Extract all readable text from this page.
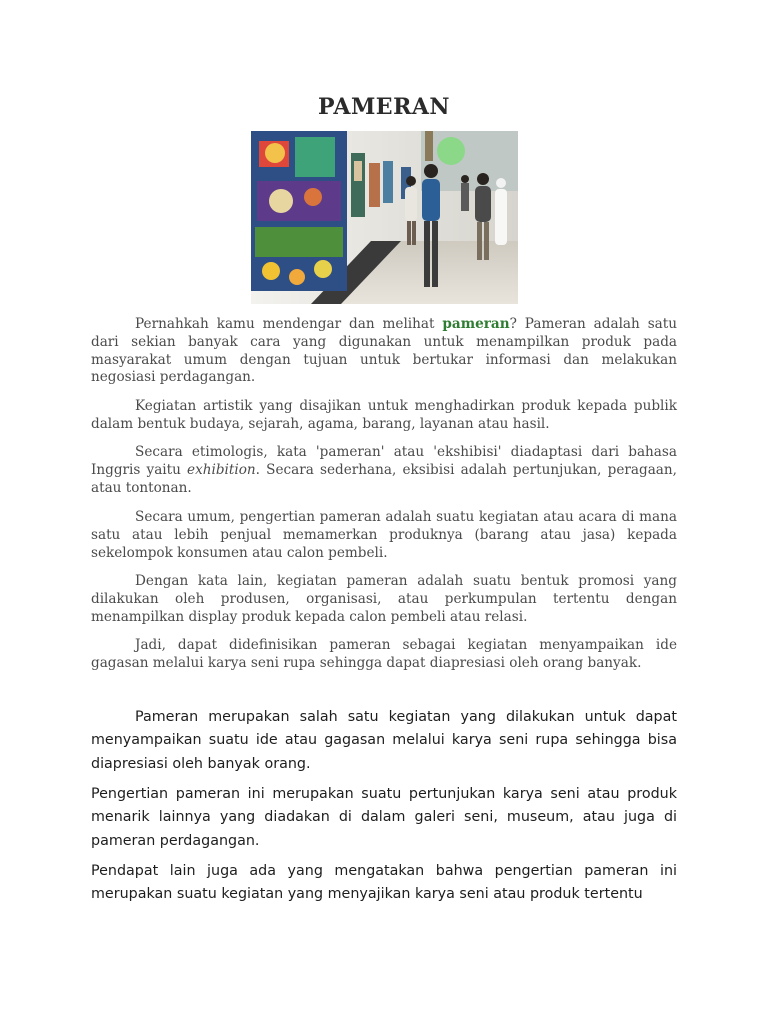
PAMERAN

Pernahkah kamu mendengar dan melihat pameran? Pameran adalah satu dari sekian banyak cara yang digunakan untuk menampilkan produk pada masyarakat umum dengan tujuan untuk bertukar informasi dan melakukan negosiasi perdagangan.

Kegiatan artistik yang disajikan untuk menghadirkan produk kepada publik dalam bentuk budaya, sejarah, agama, barang, layanan atau hasil.

Secara etimologis, kata 'pameran' atau 'ekshibisi' diadaptasi dari bahasa Inggris yaitu exhibition. Secara sederhana, eksibisi adalah pertunjukan, peragaan, atau tontonan.

Secara umum, pengertian pameran adalah suatu kegiatan atau acara di mana satu atau lebih penjual memamerkan produknya (barang atau jasa) kepada sekelompok konsumen atau calon pembeli.

Dengan kata lain, kegiatan pameran adalah suatu bentuk promosi yang dilakukan oleh produsen, organisasi, atau perkumpulan tertentu dengan menampilkan display produk kepada calon pembeli atau relasi.

Jadi, dapat didefinisikan pameran sebagai kegiatan menyampaikan ide gagasan melalui karya seni rupa sehingga dapat diapresiasi oleh orang banyak.

Pameran merupakan salah satu kegiatan yang dilakukan untuk dapat menyampaikan suatu ide atau gagasan melalui karya seni rupa sehingga bisa diapresiasi oleh banyak orang.

Pengertian pameran ini merupakan suatu pertunjukan karya seni atau produk menarik lainnya yang diadakan di dalam galeri seni, museum, atau juga di pameran perdagangan.

Pendapat lain juga ada yang mengatakan bahwa pengertian pameran ini merupakan suatu kegiatan yang menyajikan karya seni atau produk tertentu
